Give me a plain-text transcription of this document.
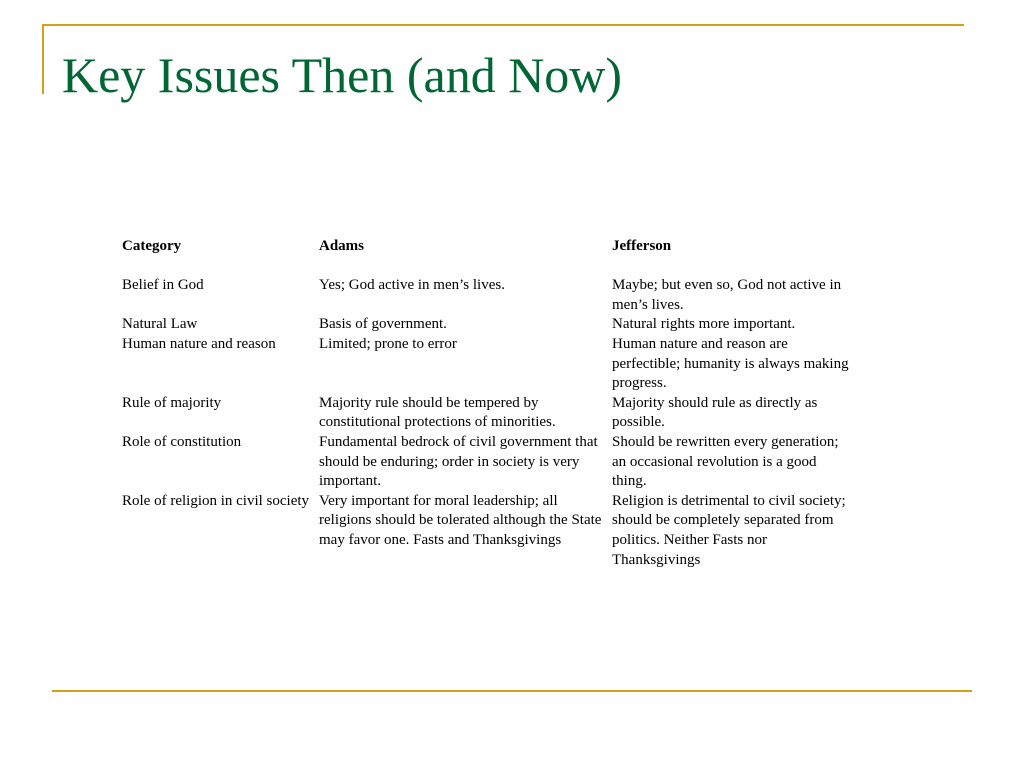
Key Issues Then (and Now)
Category	Adams	Jefferson
Belief in God	Yes; God active in men’s lives.	Maybe; but even so, God not active in men’s lives.
Natural Law	Basis of government.	Natural rights more important.
Human nature and reason	Limited; prone to error	Human nature and reason are perfectible; humanity is always making progress.
Rule of majority	Majority rule should be tempered by constitutional protections of minorities.	Majority should rule as directly as possible.
Role of constitution	Fundamental bedrock of civil government that should be enduring; order in society is very important.	Should be rewritten every generation; an occasional revolution is a good thing.
Role of religion in civil society	Very important for moral leadership; all religions should be tolerated although the State may favor one. Fasts and Thanksgivings	Religion is detrimental to civil society; should be completely separated from politics. Neither Fasts nor Thanksgivings
